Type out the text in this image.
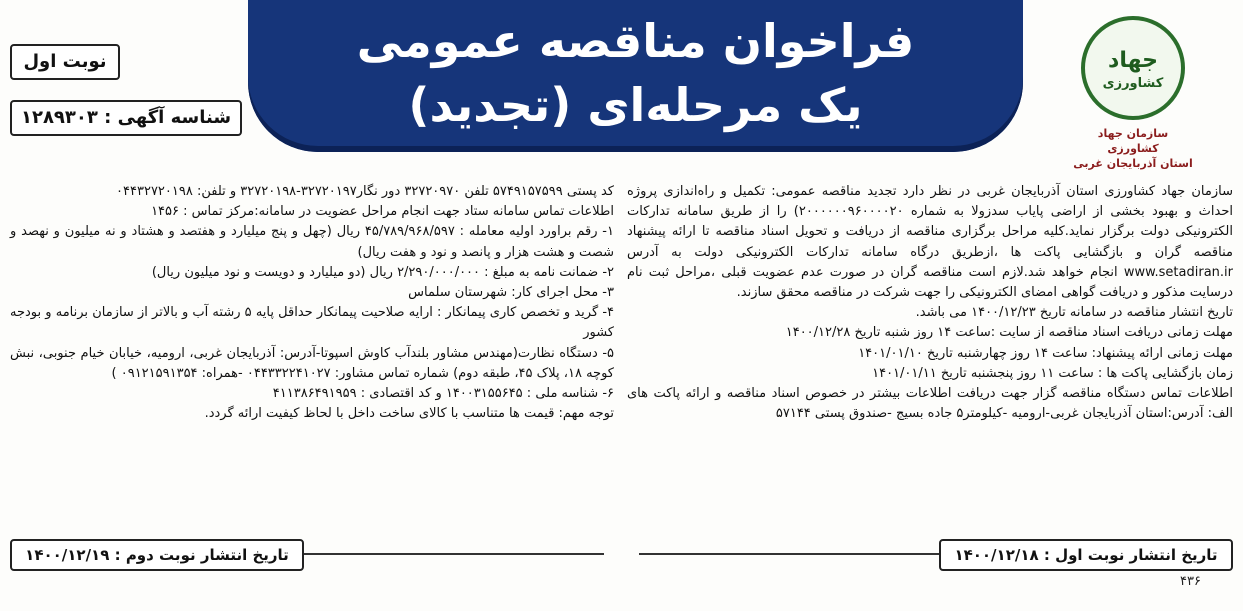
فراخوان مناقصه عمومی
یک مرحله‌ای (تجدید)
جهاد
کشاورزی
سازمان جهاد کشاورزی
استان آذربایجان غربی
نوبت اول
شناسه آگهی : ۱۲۸۹۳۰۳

سازمان جهاد کشاورزی استان آذربایجان غربی در نظر دارد تجدید مناقصه عمومی: تکمیل و راه‌اندازی پروژه احداث و بهبود بخشی از اراضی پایاب سدزولا به شماره ۲۰۰۰۰۰۰۹۶۰۰۰۰۲۰) را از طریق سامانه تدارکات الکترونیکی دولت برگزار نماید.کلیه مراحل برگزاری مناقصه از دریافت و تحویل اسناد مناقصه تا ارائه پیشنهاد مناقصه گران و بازگشایی پاکت ها ،ازطریق درگاه سامانه تدارکات الکترونیکی دولت به آدرس www.setadiran.ir انجام خواهد شد.لازم است مناقصه گران در صورت عدم عضویت قبلی ،مراحل ثبت نام درسایت مذکور و دریافت گواهی امضای الکترونیکی را جهت شرکت در مناقصه محقق سازند.

تاریخ انتشار مناقصه در سامانه تاریخ ۱۴۰۰/۱۲/۲۳ می باشد.

مهلت زمانی دریافت اسناد مناقصه از سایت :ساعت ۱۴ روز شنبه تاریخ ۱۴۰۰/۱۲/۲۸

مهلت زمانی ارائه پیشنهاد: ساعت ۱۴ روز چهارشنبه تاریخ ۱۴۰۱/۰۱/۱۰

زمان بازگشایی پاکت ها : ساعت ۱۱ روز پنجشنبه تاریخ ۱۴۰۱/۰۱/۱۱

اطلاعات تماس دستگاه مناقصه گزار جهت دریافت اطلاعات بیشتر در خصوص اسناد مناقصه و ارائه پاکت های الف: آدرس:استان آذربایجان غربی-ارومیه -کیلومتر۵ جاده بسیج -صندوق پستی ۵۷۱۴۴

کد پستی ۵۷۴۹۱۵۷۵۹۹ تلفن ۳۲۷۲۰۹۷۰ دور نگار۳۲۷۲۰۱۹۷-۳۲۷۲۰۱۹۸ و تلفن: ۰۴۴۳۲۷۲۰۱۹۸

اطلاعات تماس سامانه ستاد جهت انجام مراحل عضویت در سامانه:مرکز تماس : ۱۴۵۶

۱- رقم براورد اولیه معامله : ۴۵/۷۸۹/۹۶۸/۵۹۷ ریال (چهل و پنج میلیارد و هفتصد و هشتاد و نه میلیون و نهصد و شصت و هشت هزار و پانصد و نود و هفت ریال)

۲- ضمانت نامه به مبلغ : ۲/۲۹۰/۰۰۰/۰۰۰ ریال (دو میلیارد و دویست و نود میلیون ریال)

۳- محل اجرای کار: شهرستان سلماس

۴- گرید و تخصص کاری پیمانکار : ارایه صلاحیت پیمانکار حداقل پایه ۵ رشته آب و بالاتر از سازمان برنامه و بودجه کشور

۵- دستگاه نظارت(مهندس مشاور بلندآب کاوش اسپوتا-آدرس: آذربایجان غربی، ارومیه، خیابان خیام جنوبی، نبش کوچه ۱۸، پلاک ۴۵، طبقه دوم) شماره تماس مشاور: ۰۴۴۳۳۲۲۴۱۰۲۷ -همراه: ۰۹۱۲۱۵۹۱۳۵۴ )

۶- شناسه ملی : ۱۴۰۰۳۱۵۵۶۴۵ و کد اقتصادی : ۴۱۱۳۸۶۴۹۱۹۵۹

توجه مهم: قیمت ها متناسب با کالای ساخت داخل با لحاظ کیفیت ارائه گردد.

تاریخ انتشار نوبت اول : ۱۴۰۰/۱۲/۱۸
تاریخ انتشار نوبت دوم : ۱۴۰۰/۱۲/۱۹
۴۳۶
